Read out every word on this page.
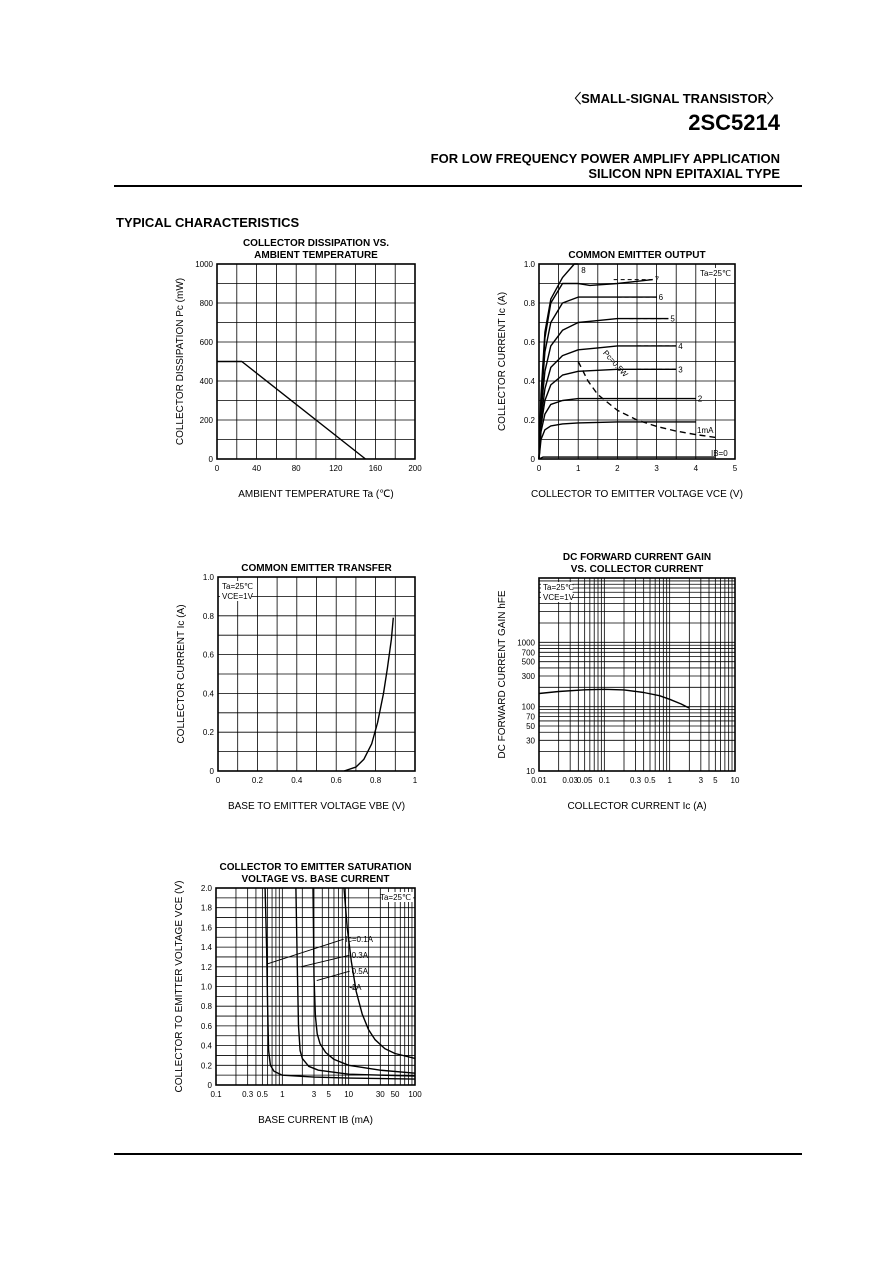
〈SMALL-SIGNAL TRANSISTOR〉
2SC5214
FOR LOW FREQUENCY POWER AMPLIFY APPLICATION
SILICON NPN EPITAXIAL TYPE
TYPICAL CHARACTERISTICS
0	40	80	120	160	200
0
200
400
600
800
1000
COLLECTOR DISSIPATION VS.
AMBIENT TEMPERATURE
AMBIENT TEMPERATURE Ta (℃)
COLLECTOR DISSIPATION Pc (mW)
0	1	2	3	4	5
0
0.2
0.4
0.6
0.8
1.0
COMMON EMITTER OUTPUT
COLLECTOR TO EMITTER VOLTAGE VCE (V)
COLLECTOR CURRENT Ic (A)
Ta=25℃
IB=0
1mA
2
3
4
5
6
7
8
Pc=0.5W
0	0.2	0.4	0.6	0.8	1
0
0.2
0.4
0.6
0.8
1.0
COMMON EMITTER TRANSFER
BASE TO EMITTER VOLTAGE VBE (V)
COLLECTOR CURRENT Ic (A)
Ta=25℃
VCE=1V
0.01 0.03
0.05 0.1	0.3 0.5 1	3 5 10
10
30
50
70
100
300
500
700
1000
DC FORWARD CURRENT GAIN
VS. COLLECTOR CURRENT
COLLECTOR CURRENT Ic (A)
DC FORWARD CURRENT GAIN hFE
Ta=25℃
VCE=1V
0.1	0.3 0.5 1	3 5 10	30 50 100
0
0.2
0.4
0.6
0.8
1.0
1.2
1.4
1.6
1.8
2.0
COLLECTOR TO EMITTER SATURATION
VOLTAGE VS. BASE CURRENT
BASE CURRENT IB (mA)
COLLECTOR TO EMITTER VOLTAGE VCE (V)	Ta=25℃
Ic=0.1A
0.3A
0.5A
1A
